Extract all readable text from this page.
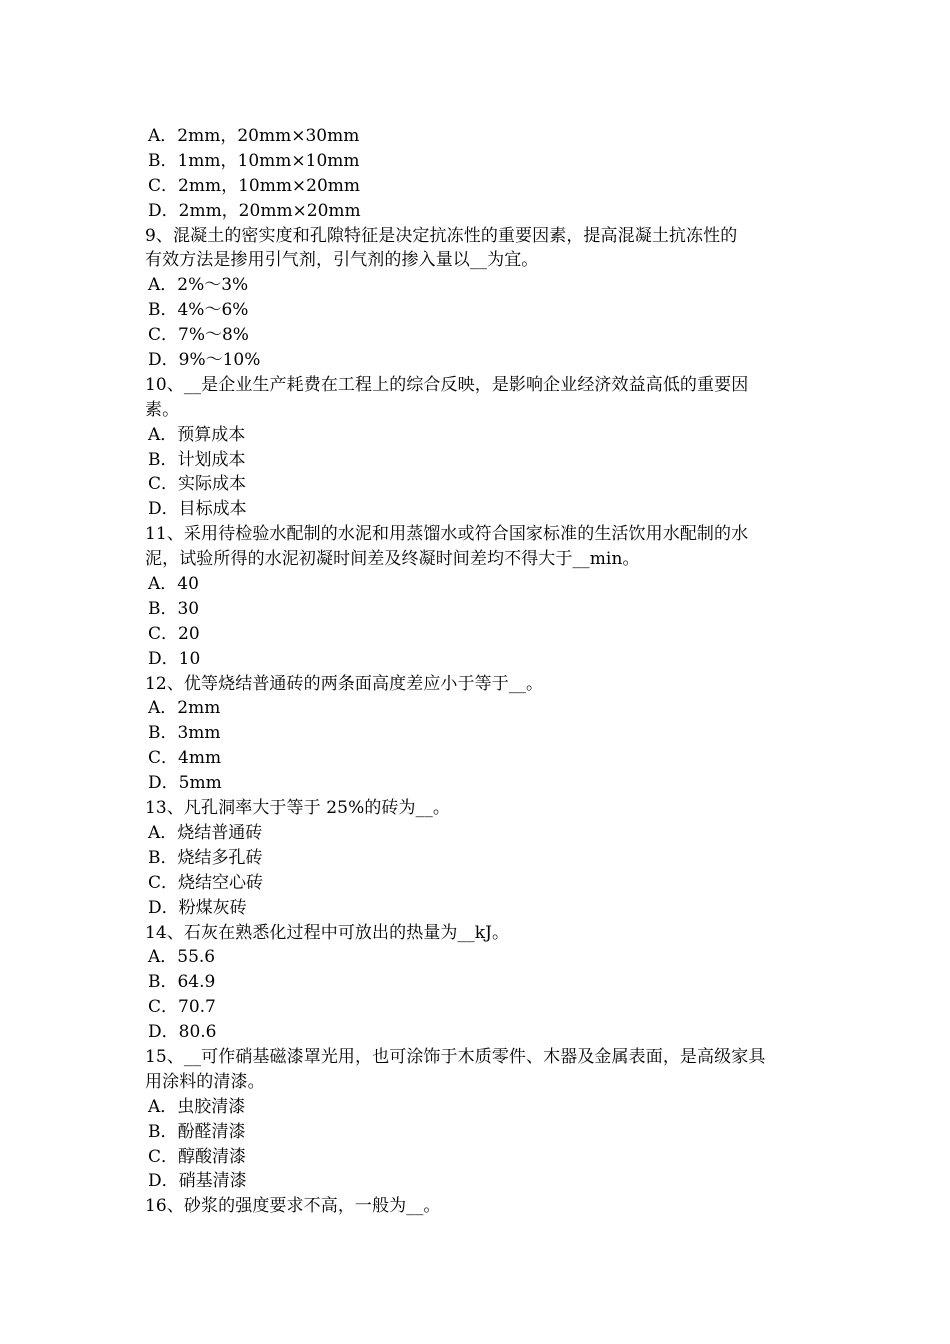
A．2mm，20mm×30mm
B．1mm，10mm×10mm
C．2mm，10mm×20mm
D．2mm，20mm×20mm
9、混凝土的密实度和孔隙特征是决定抗冻性的重要因素，提高混凝土抗冻性的
有效方法是掺用引气剂，引气剂的掺入量以__为宜。
A．2%～3%
B．4%～6%
C．7%～8%
D．9%～10%
10、__是企业生产耗费在工程上的综合反映，是影响企业经济效益高低的重要因
素。
A．预算成本
B．计划成本
C．实际成本
D．目标成本
11、采用待检验水配制的水泥和用蒸馏水或符合国家标准的生活饮用水配制的水
泥，试验所得的水泥初凝时间差及终凝时间差均不得大于__min。
A．40
B．30
C．20
D．10
12、优等烧结普通砖的两条面高度差应小于等于__。
A．2mm
B．3mm
C．4mm
D．5mm
13、凡孔洞率大于等于 25%的砖为__。
A．烧结普通砖
B．烧结多孔砖
C．烧结空心砖
D．粉煤灰砖
14、石灰在熟悉化过程中可放出的热量为__kJ。
A．55.6
B．64.9
C．70.7
D．80.6
15、__可作硝基磁漆罩光用，也可涂饰于木质零件、木器及金属表面，是高级家具
用涂料的清漆。
A．虫胶清漆
B．酚醛清漆
C．醇酸清漆
D．硝基清漆
16、砂浆的强度要求不高，一般为__。
